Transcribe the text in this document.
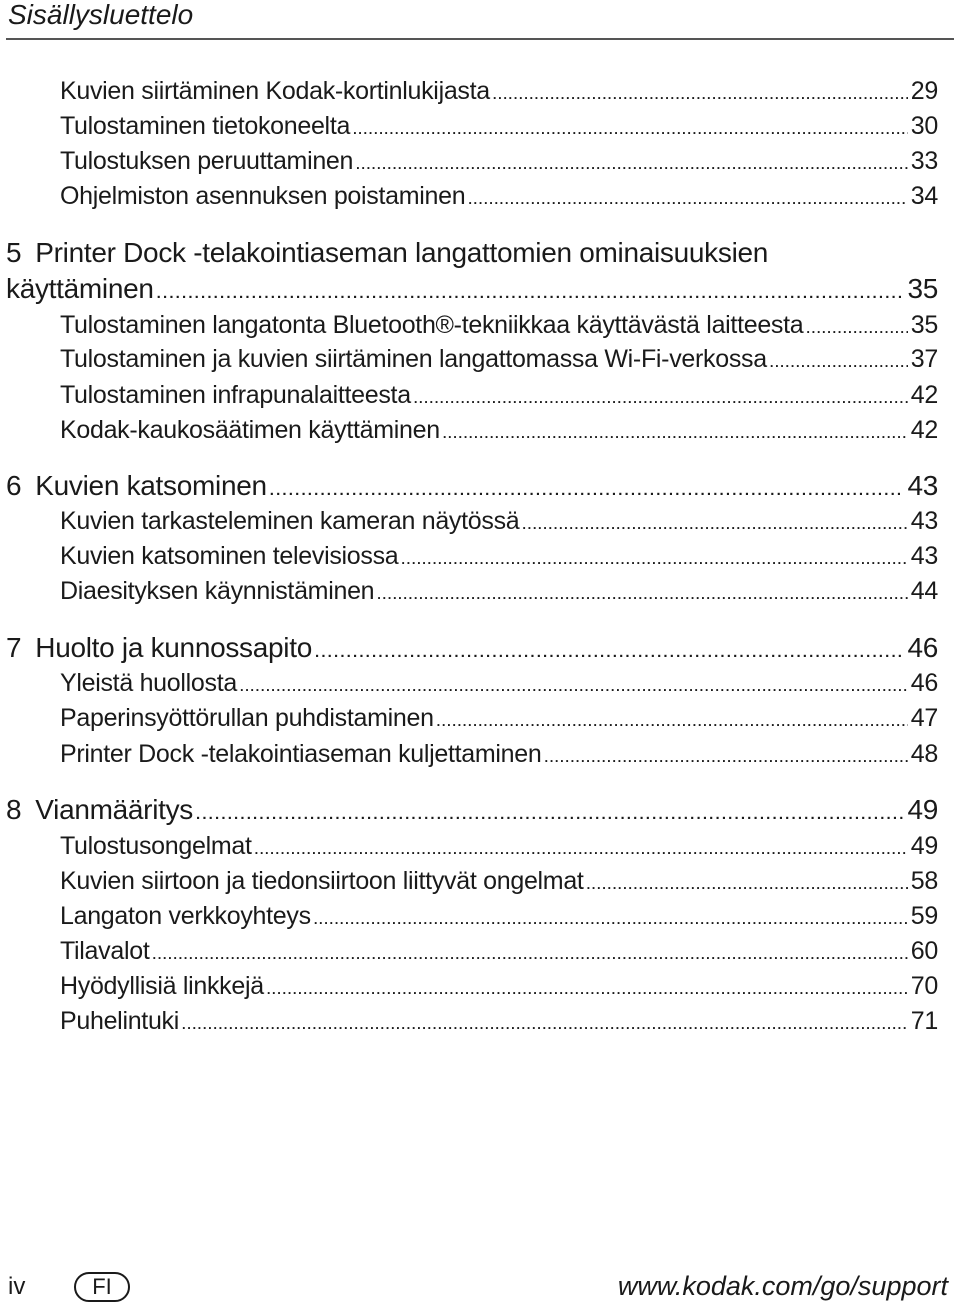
Sisällysluettelo
Kuvien siirtäminen Kodak-kortinlukijasta . . .	29
Tulostaminen tietokoneelta . . .	30
Tulostuksen peruuttaminen . . .	33
Ohjelmiston asennuksen poistaminen . . .	34
5 Printer Dock -telakointiaseman langattomien ominaisuuksien
käyttäminen . . .	35
Tulostaminen langatonta Bluetooth®-tekniikkaa käyttävästä laitteesta . . .	35
Tulostaminen ja kuvien siirtäminen langattomassa Wi-Fi-verkossa . . .	37
Tulostaminen infrapunalaitteesta . . .	42
Kodak-kaukosäätimen käyttäminen . . .	42
6 Kuvien katsominen . . .	43
Kuvien tarkasteleminen kameran näytössä . . .	43
Kuvien katsominen televisiossa . . .	43
Diaesityksen käynnistäminen . . .	44
7 Huolto ja kunnossapito . . .	46
Yleistä huollosta . . .	46
Paperinsyöttörullan puhdistaminen . . .	47
Printer Dock -telakointiaseman kuljettaminen . . .	48
8 Vianmääritys . . .	49
Tulostusongelmat . . .	49
Kuvien siirtoon ja tiedonsiirtoon liittyvät ongelmat . . .	58
Langaton verkkoyhteys . . .	59
Tilavalot . . .	60
Hyödyllisiä linkkejä . . .	70
Puhelintuki . . .	71
iv	FI	www.kodak.com/go/support
